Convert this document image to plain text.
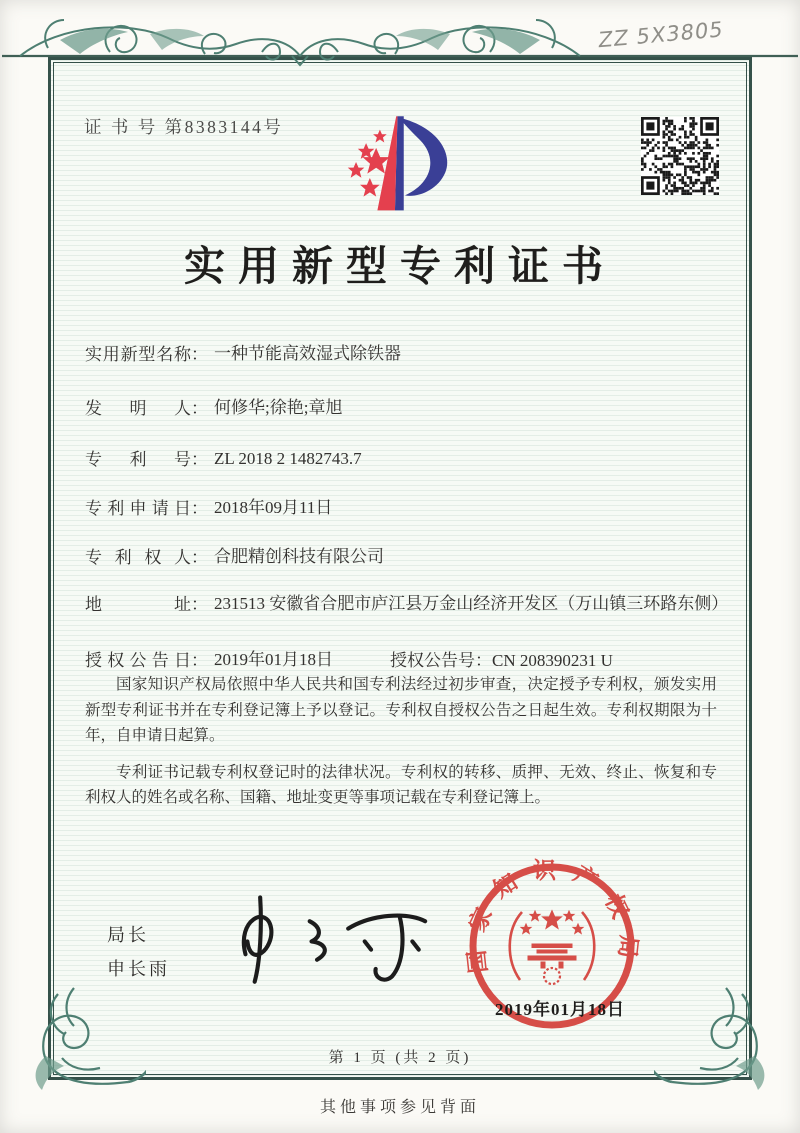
ZZ 5X3805
证 书 号 第8383144号
实用新型专利证书
实用新型名称： 一种节能高效湿式除铁器
发明人： 何修华;徐艳;章旭
专利号： ZL 2018 2 1482743.7
专利申请日： 2018年09月11日
专利权人： 合肥精创科技有限公司
地址： 231513 安徽省合肥市庐江县万金山经济开发区（万山镇三环路东侧）
授权公告日： 2019年01月18日	授权公告号：CN 208390231 U

国家知识产权局依照中华人民共和国专利法经过初步审查，决定授予专利权，颁发实用新型专利证书并在专利登记簿上予以登记。专利权自授权公告之日起生效。专利权期限为十年，自申请日起算。

专利证书记载专利权登记时的法律状况。专利权的转移、质押、无效、终止、恢复和专利权人的姓名或名称、国籍、地址变更等事项记载在专利登记簿上。

局长
申长雨	国家知识产权局
2019年01月18日
第 1 页 (共 2 页)
其他事项参见背面
